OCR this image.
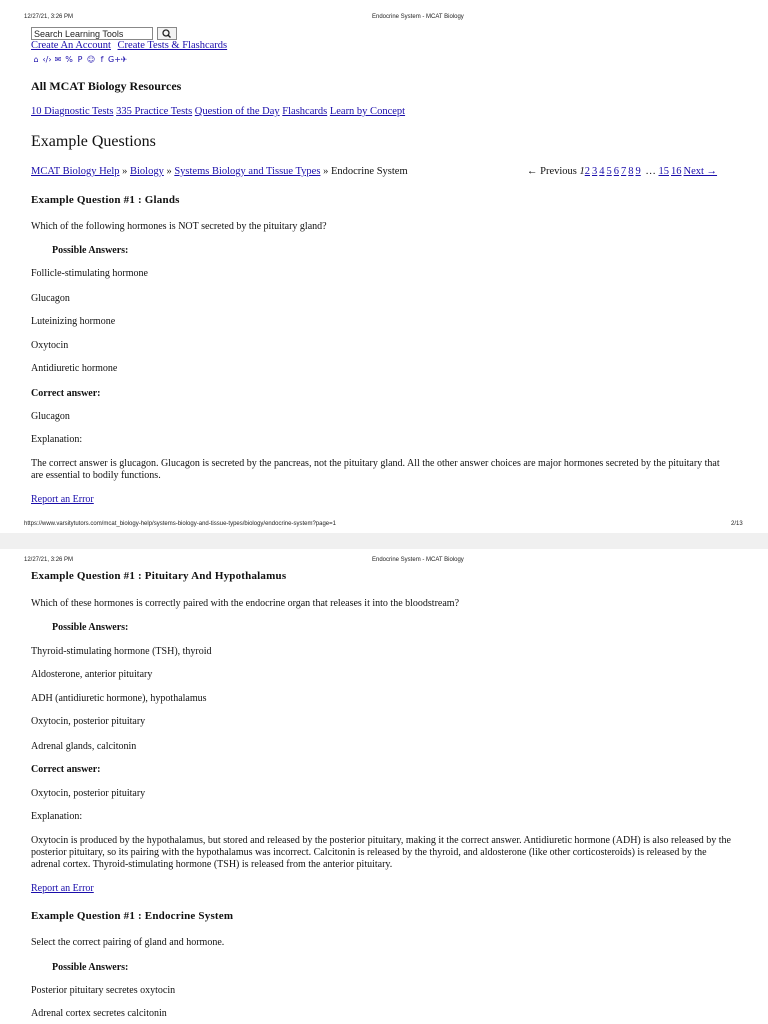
12/27/21, 3:26 PM	Endocrine System - MCAT Biology
Search Learning Tools
Create An Account Create Tests & Flashcards
⌂ ‹/› ✉ % P ☺ f G+✈
All MCAT Biology Resources
10 Diagnostic Tests 335 Practice Tests Question of the Day Flashcards Learn by Concept
Example Questions
MCAT Biology Help » Biology » Systems Biology and Tissue Types » Endocrine System	← Previous 12 3 4 5 6 7 8 9 … 15 16 Next →
Example Question #1 : Glands
Which of the following hormones is NOT secreted by the pituitary gland?
Possible Answers:
Follicle-stimulating hormone
Glucagon
Luteinizing hormone
Oxytocin
Antidiuretic hormone
Correct answer:
Glucagon
Explanation:
The correct answer is glucagon. Glucagon is secreted by the pancreas, not the pituitary gland. All the other answer choices are major hormones secreted by the pituitary that are essential to bodily functions.
Report an Error
https://www.varsitytutors.com/mcat_biology-help/systems-biology-and-tissue-types/biology/endocrine-system?page=1	2/13
12/27/21, 3:26 PM	Endocrine System - MCAT Biology
Example Question #1 : Pituitary And Hypothalamus
Which of these hormones is correctly paired with the endocrine organ that releases it into the bloodstream?
Possible Answers:
Thyroid-stimulating hormone (TSH), thyroid
Aldosterone, anterior pituitary
ADH (antidiuretic hormone), hypothalamus
Oxytocin, posterior pituitary
Adrenal glands, calcitonin
Correct answer:
Oxytocin, posterior pituitary
Explanation:
Oxytocin is produced by the hypothalamus, but stored and released by the posterior pituitary, making it the correct answer. Antidiuretic hormone (ADH) is also released by the posterior pituitary, so its pairing with the hypothalamus was incorrect. Calcitonin is released by the thyroid, and aldosterone (like other corticosteroids) is released by the adrenal cortex. Thyroid-stimulating hormone (TSH) is released from the anterior pituitary.
Report an Error
Example Question #1 : Endocrine System
Select the correct pairing of gland and hormone.
Possible Answers:
Posterior pituitary secretes oxytocin
Adrenal cortex secretes calcitonin
